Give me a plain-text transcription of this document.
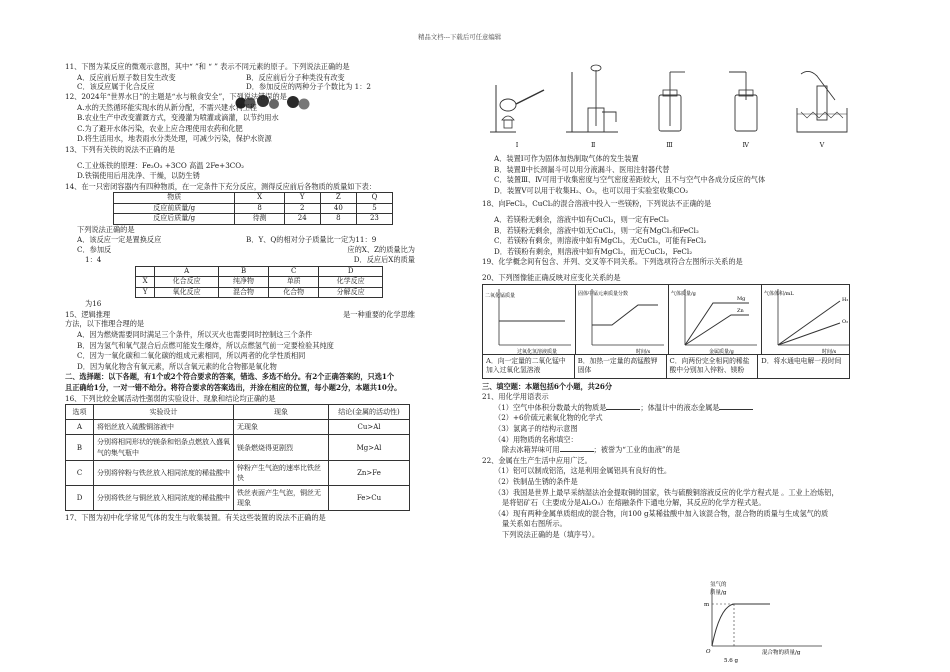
精品文档---下载后可任意编辑
11、下图为某反应的微观示意图，其中“ ”和 “ ” 表示不同元素的原子。下列说法正确的是
A．反应前后原子数目发生改变	B．反应前后分子种类没有改变
C．该反应属于化合反应	D．参加反应的两种分子个数比为 1：2
12、2024年“世界水日”的主题是“水与粮食安全”，下列说法错误的是
A.水的天然循环能实现水的从新分配，不需兴建水利工程
B.农业生产中改变灌溉方式，变漫灌为喷灌或滴灌，以节约用水
C.为了避开水体污染，农业上应合理使用农药和化肥
D.将生活用水，地表雨水分类处理，可减少污染，保护水资源
13、下列有关铁的说法不正确的是
C.工业炼铁的原理：Fe₂O₃ +3CO 高温 2Fe+3CO₂
D.铁锅使用后用洗净、干燥，以防生锈
14、在一只密闭容器内有四种物质，在一定条件下充分反应，测得反应前后各物质的质量如下表：
物质	X	Y	Z	Q
反应前质量/g	8	2	40	5
反应后质量/g	待测	24	8	23
下列说法正确的是
A．该反应一定是置换反应	B．Y、Q的相对分子质量比一定为11：9
C．参加反	应的X、Z的质量比为
1：4	D．反应后X的质量
	A	B	C	D
X	化合反应	纯净物	单质	化学反应
Y	氧化反应	混合物	化合物	分解反应
为16
15、逻辑推理	是一种重要的化学思维
方法，以下推理合理的是
A．因为燃烧需要同时满足三个条件，所以灭火也需要同时控制这三个条件
B．因为氢气和氧气混合后点燃可能发生爆炸，所以点燃氢气前一定要检验其纯度
C．因为一氧化碳和二氧化碳的组成元素相同，所以两者的化学性质相同
D．因为氧化物含有氧元素，所以含氧元素的化合物都是氧化物
二、选择题：以下各题，有1个或2个符合要求的答案，错选、多选不给分。有2个正确答案的，只选1个
且正确给1分，一对一错不给分。将符合要求的答案选出，并涂在相应的位置，每小题2分，本题共10分。
16、下列比较金属活动性强弱的实验设计、现象和结论均正确的是
选项	实验设计	现象	结论(金属的活动性)
A	将铝丝放入硫酸铜溶液中	无现象	Cu>Al
B	分别将相同形状的镁条和铝条点燃放入盛氧气的集气瓶中	镁条燃烧得更剧烈	Mg>Al
C	分别将锌粉与铁丝放入相同浓度的稀盐酸中	锌粉产生气泡的速率比铁丝快	Zn>Fe
D	分别将铁丝与铜丝放入相同浓度的稀盐酸中	铁丝表面产生气泡，铜丝无现象	Fe>Cu
17、下图为初中化学常见气体的发生与收集装置。有关这些装置的说法不正确的是
Ⅰ	Ⅱ	Ⅲ	Ⅳ	Ⅴ
A．装置Ⅰ可作为固体加热制取气体的发生装置
B．装置Ⅱ中长颈漏斗可以用分液漏斗、医用注射器代替
C．装置Ⅲ、Ⅳ可用于收集密度与空气密度差距较大，且不与空气中各成分反应的气体
D．装置Ⅴ可以用于收集H₂、O₂，也可以用于实验室收集CO₂
18、向FeCl₂，CuCl₂的混合溶液中投入一些镁粉，下列说法不正确的是
A．若镁粉无剩余，溶液中如有CuCl₂，则一定有FeCl₂
B．若镁粉无剩余，溶液中如无CuCl₂，则一定有MgCl₂和FeCl₂
C．若镁粉有剩余，则溶液中如有MgCl₂，无CuCl₂，可能有FeCl₂
D．若镁粉有剩余，则溶液中如有MgCl₂，而无CuCl₂，FeCl₂
19、化学概念间有包含、并列、交叉等不同关系。下列选项符合左图所示关系的是
20、下列图像能正确反映对应变化关系的是
二氧化锰质量
过氧化氢溶液质量
固体中锰元素质量分数
时间/s
气体质量/g
Mg
Zn
金属质量/g
气体体积/mL
H₂
O₂
时间/s
A．向一定量的二氧化锰中加入过氧化氢溶液
B．加热一定量的高锰酸钾固体
C．向两份完全相同的稀盐酸中分别加入锌粉、镁粉
D．将水通电电解一段时间
三、填空题：本题包括6个小题，共26分
21、用化学用语表示
（1）空气中体积分数最大的物质是	；体温计中的液态金属是
（2）+6价硫元素氧化物的化学式
（3）氯离子的结构示意图
（4）用物质的名称填空：
除去冰箱异味可用	；被誉为“工业的血液”的是
22、金属在生产生活中应用广泛。
（1）铝可以制成铝箔，这是利用金属铝具有良好的性。
（2）铁制品生锈的条件是
（3）我国是世界上最早采纳湿法冶金提取铜的国家，铁与硫酸铜溶液反应的化学方程式是 。工业上冶炼铝，
是将铝矿石（主要成分是Al₂O₃）在熔融条件下通电分解，其反应的化学方程式是。
（4）现有两种金属单质组成的混合物，向100 g某稀盐酸中加入该混合物，混合物的质量与生成氢气的质
量关系如右图所示。
下列说法正确的是（填序号）。
氢气的
质量/g
m
O	混合物的质量/g
5.6 g
